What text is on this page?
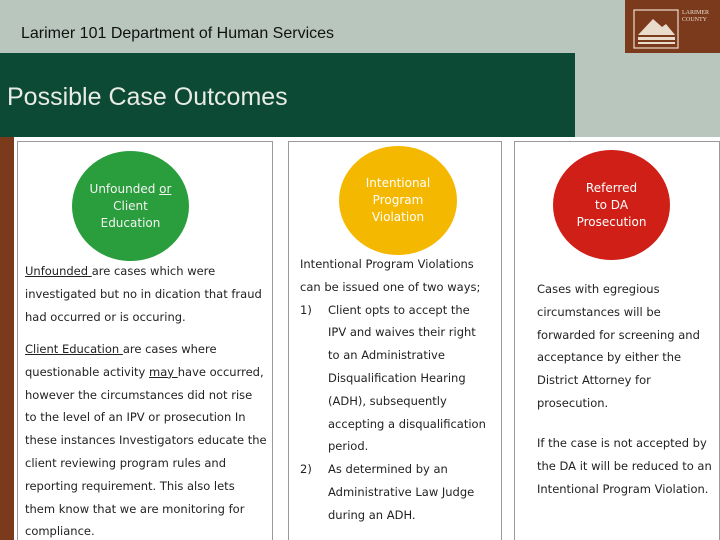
Larimer 101 Department of Human Services
LARIMER
COUNTY
Possible Case Outcomes
Unfounded or
Client
Education
Unfounded are cases which were
investigated but no in dication that fraud
had occurred or is occuring.
Client Education are cases where
questionable activity may have occurred,
however the circumstances did not rise
to the level of an IPV or prosecution In
these instances Investigators educate the
client reviewing program rules and
reporting requirement. This also lets
them know that we are monitoring for
compliance.
Intentional
Program
Violation
Intentional Program Violations
can be issued one of two ways;
1)	Client opts to accept the
IPV and waives their right
to an Administrative
Disqualification Hearing
(ADH), subsequently
accepting a disqualification
period.
2)	As determined by an
Administrative Law Judge
during an ADH.
Referred
to DA
Prosecution
Cases with egregious
circumstances will be
forwarded for screening and
acceptance by either the
District Attorney for
prosecution.
If the case is not accepted by
the DA it will be reduced to an
Intentional Program Violation.
